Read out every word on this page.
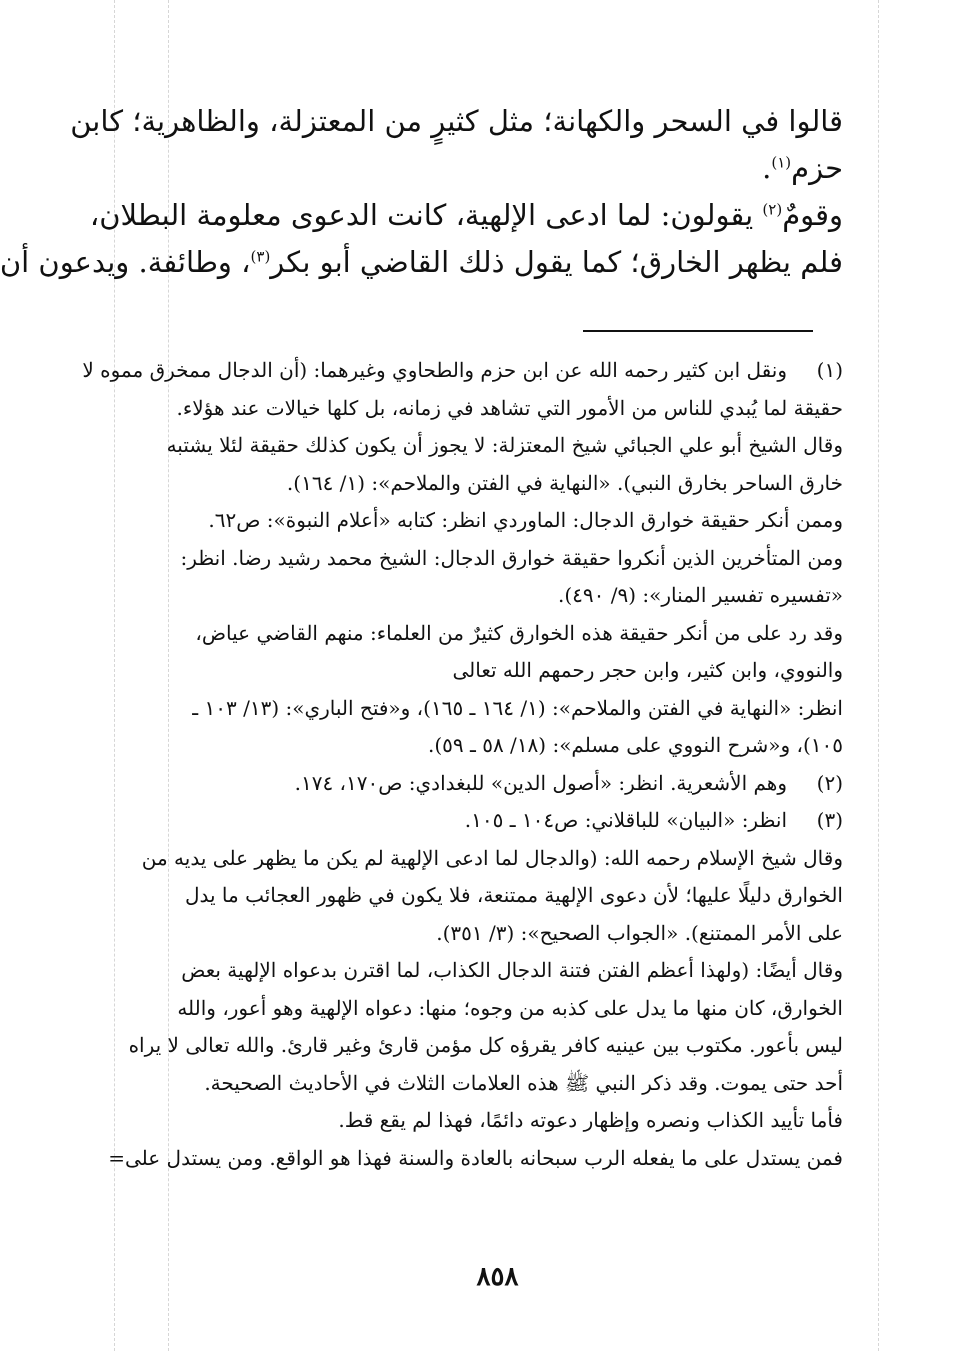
قالوا في السحر والكهانة؛ مثل كثيرٍ من المعتزلة، والظاهرية؛ كابن
حزم$^{(١)}$.
وقومٌ$^{(٢)}$ يقولون: لما ادعى الإلهية، كانت الدعوى معلومة البطلان،
فلم يظهر الخارق؛ كما يقول ذلك القاضي أبو بكر$^{(٣)}$، وطائفة. ويدعون أن
(١)
ونقل ابن كثير رحمه الله عن ابن حزم والطحاوي وغيرهما: (أن الدجال ممخرق مموه لا
حقيقة لما يُبدي للناس من الأمور التي تشاهد في زمانه، بل كلها خيالات عند هؤلاء.
وقال الشيخ أبو علي الجبائي شيخ المعتزلة: لا يجوز أن يكون كذلك حقيقة لئلا يشتبه
خارق الساحر بخارق النبي). «النهاية في الفتن والملاحم»: (١/ ١٦٤).
وممن أنكر حقيقة خوارق الدجال: الماوردي انظر: كتابه «أعلام النبوة»: ص٦٢.
ومن المتأخرين الذين أنكروا حقيقة خوارق الدجال: الشيخ محمد رشيد رضا. انظر:
«تفسيره تفسير المنار»: (٩/ ٤٩٠).
وقد رد على من أنكر حقيقة هذه الخوارق كثيرٌ من العلماء: منهم القاضي عياض،
والنووي، وابن كثير، وابن حجر رحمهم الله تعالى
انظر: «النهاية في الفتن والملاحم»: (١/ ١٦٤ ـ ١٦٥)، و«فتح الباري»: (١٣/ ١٠٣ ـ
١٠٥)، و«شرح النووي على مسلم»: (١٨/ ٥٨ ـ ٥٩).
(٢)
وهم الأشعرية. انظر: «أصول الدين» للبغدادي: ص١٧٠، ١٧٤.
(٣)
انظر: «البيان» للباقلاني: ص١٠٤ ـ ١٠٥.
وقال شيخ الإسلام رحمه الله: (والدجال لما ادعى الإلهية لم يكن ما يظهر على يديه من
الخوارق دليلًا عليها؛ لأن دعوى الإلهية ممتنعة، فلا يكون في ظهور العجائب ما يدل
على الأمر الممتنع). «الجواب الصحيح»: (٣/ ٣٥١).
وقال أيضًا: (ولهذا أعظم الفتن فتنة الدجال الكذاب، لما اقترن بدعواه الإلهية بعض
الخوارق، كان منها ما يدل على كذبه من وجوه؛ منها: دعواه الإلهية وهو أعور، والله
ليس بأعور. مكتوب بين عينيه كافر يقرؤه كل مؤمن قارئ وغير قارئ. والله تعالى لا يراه
أحد حتى يموت. وقد ذكر النبي ﷺ هذه العلامات الثلاث في الأحاديث الصحيحة.
فأما تأييد الكذاب ونصره وإظهار دعوته دائمًا، فهذا لم يقع قط.
فمن يستدل على ما يفعله الرب سبحانه بالعادة والسنة فهذا هو الواقع. ومن يستدل على=
٨٥٨
